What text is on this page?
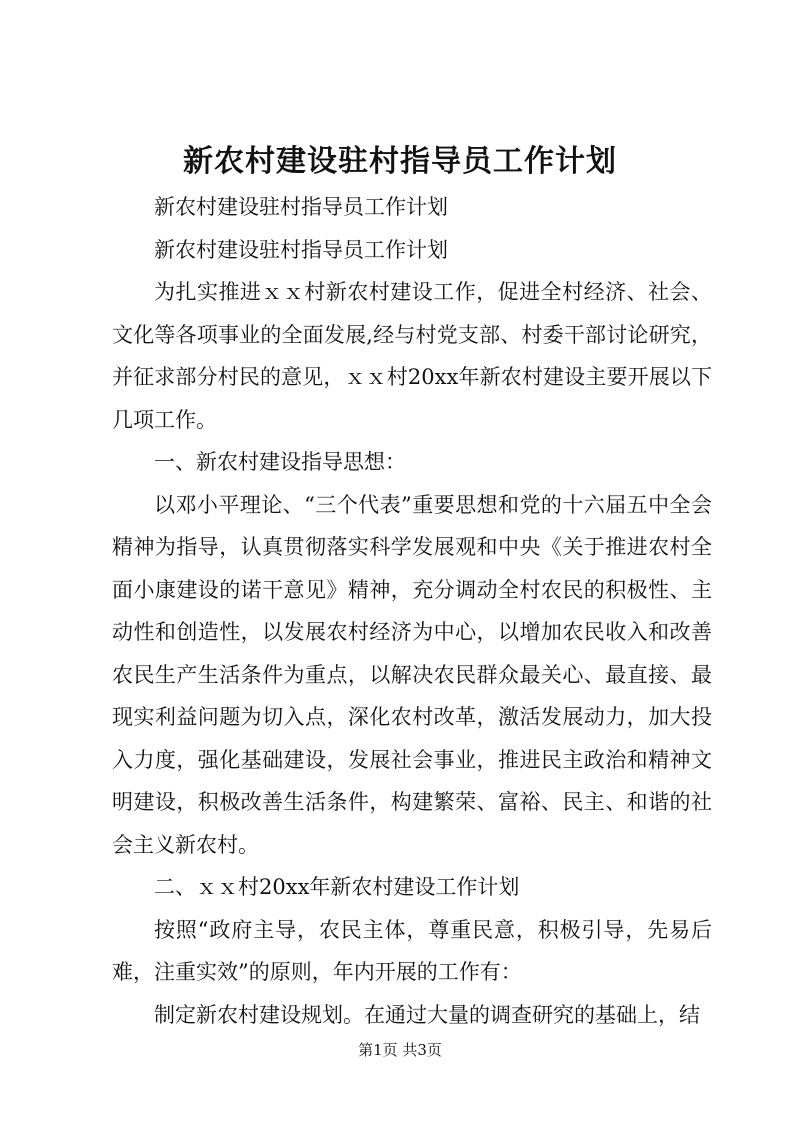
新农村建设驻村指导员工作计划

新农村建设驻村指导员工作计划

新农村建设驻村指导员工作计划

为扎实推进ｘｘ村新农村建设工作，促进全村经济、社会、文化等各项事业的全面发展,经与村党支部、村委干部讨论研究，并征求部分村民的意见，ｘｘ村20xx年新农村建设主要开展以下几项工作。

一、新农村建设指导思想：

以邓小平理论、“三个代表”重要思想和党的十六届五中全会精神为指导，认真贯彻落实科学发展观和中央《关于推进农村全面小康建设的诺干意见》精神，充分调动全村农民的积极性、主动性和创造性，以发展农村经济为中心，以增加农民收入和改善农民生产生活条件为重点，以解决农民群众最关心、最直接、最现实利益问题为切入点，深化农村改革，激活发展动力，加大投入力度，强化基础建设，发展社会事业，推进民主政治和精神文明建设，积极改善生活条件，构建繁荣、富裕、民主、和谐的社会主义新农村。

二、ｘｘ村20xx年新农村建设工作计划

按照“政府主导，农民主体，尊重民意，积极引导，先易后难，注重实效”的原则，年内开展的工作有：

制定新农村建设规划。在通过大量的调查研究的基础上，结

第1页 共3页
